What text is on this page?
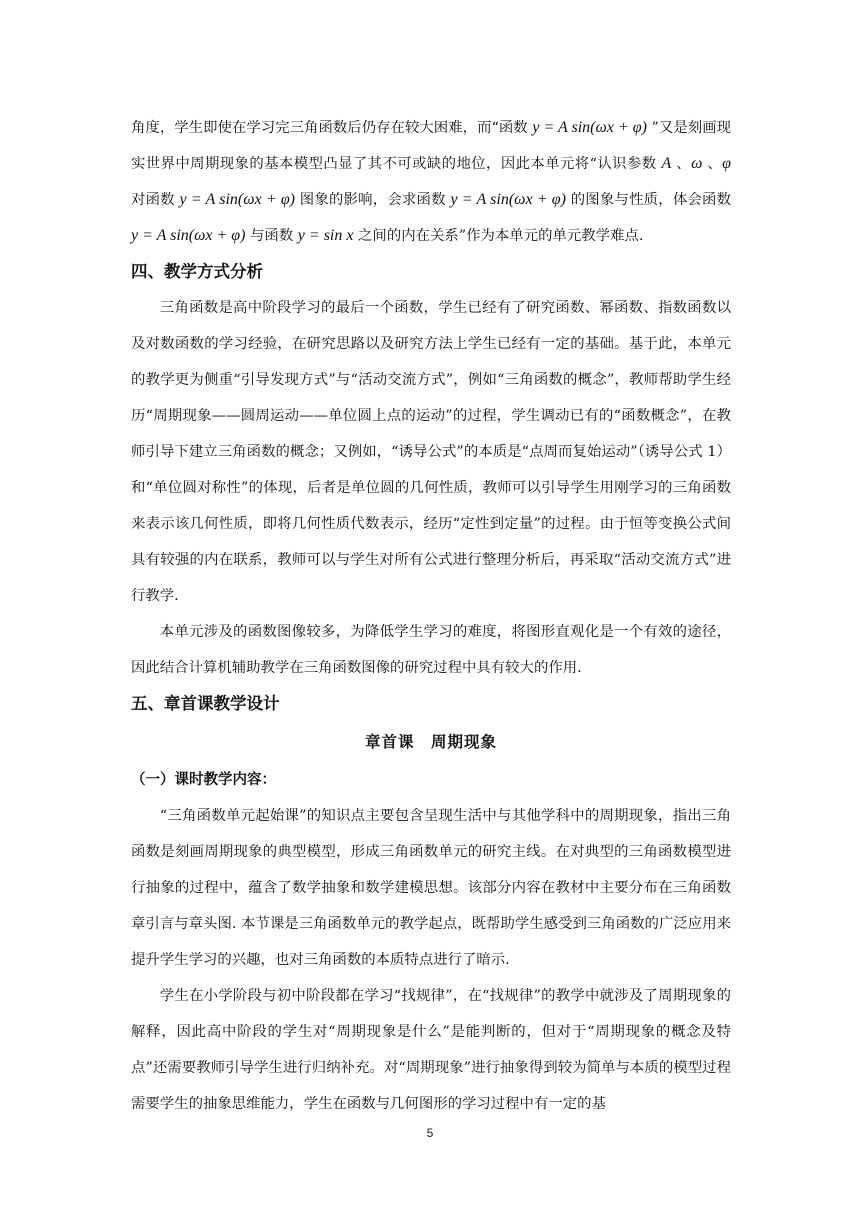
角度，学生即使在学习完三角函数后仍存在较大困难，而“函数 y = A sin(ωx + φ) ”又是刻画现实世界中周期现象的基本模型凸显了其不可或缺的地位，因此本单元将“认识参数 A 、ω 、φ 对函数 y = A sin(ωx + φ) 图象的影响，会求函数 y = A sin(ωx + φ) 的图象与性质，体会函数 y = A sin(ωx + φ) 与函数 y = sin x 之间的内在关系”作为本单元的单元教学难点.

四、教学方式分析

三角函数是高中阶段学习的最后一个函数，学生已经有了研究函数、幂函数、指数函数以及对数函数的学习经验，在研究思路以及研究方法上学生已经有一定的基础。基于此，本单元的教学更为侧重“引导发现方式”与“活动交流方式”，例如“三角函数的概念”，教师帮助学生经历“周期现象——圆周运动——单位圆上点的运动”的过程，学生调动已有的“函数概念”，在教师引导下建立三角函数的概念；又例如，“诱导公式”的本质是“点周而复始运动”（诱导公式 1）和“单位圆对称性”的体现，后者是单位圆的几何性质，教师可以引导学生用刚学习的三角函数来表示该几何性质，即将几何性质代数表示，经历“定性到定量”的过程。由于恒等变换公式间具有较强的内在联系，教师可以与学生对所有公式进行整理分析后，再采取“活动交流方式”进行教学.

本单元涉及的函数图像较多，为降低学生学习的难度，将图形直观化是一个有效的途径，因此结合计算机辅助教学在三角函数图像的研究过程中具有较大的作用.

五、章首课教学设计

章首课　周期现象

（一）课时教学内容：

“三角函数单元起始课”的知识点主要包含呈现生活中与其他学科中的周期现象，指出三角函数是刻画周期现象的典型模型，形成三角函数单元的研究主线。在对典型的三角函数模型进行抽象的过程中，蕴含了数学抽象和数学建模思想。该部分内容在教材中主要分布在三角函数章引言与章头图. 本节课是三角函数单元的教学起点，既帮助学生感受到三角函数的广泛应用来提升学生学习的兴趣，也对三角函数的本质特点进行了暗示.

学生在小学阶段与初中阶段都在学习“找规律”，在“找规律”的教学中就涉及了周期现象的解释，因此高中阶段的学生对“周期现象是什么”是能判断的，但对于“周期现象的概念及特点”还需要教师引导学生进行归纳补充。对“周期现象”进行抽象得到较为简单与本质的模型过程需要学生的抽象思维能力，学生在函数与几何图形的学习过程中有一定的基

5
